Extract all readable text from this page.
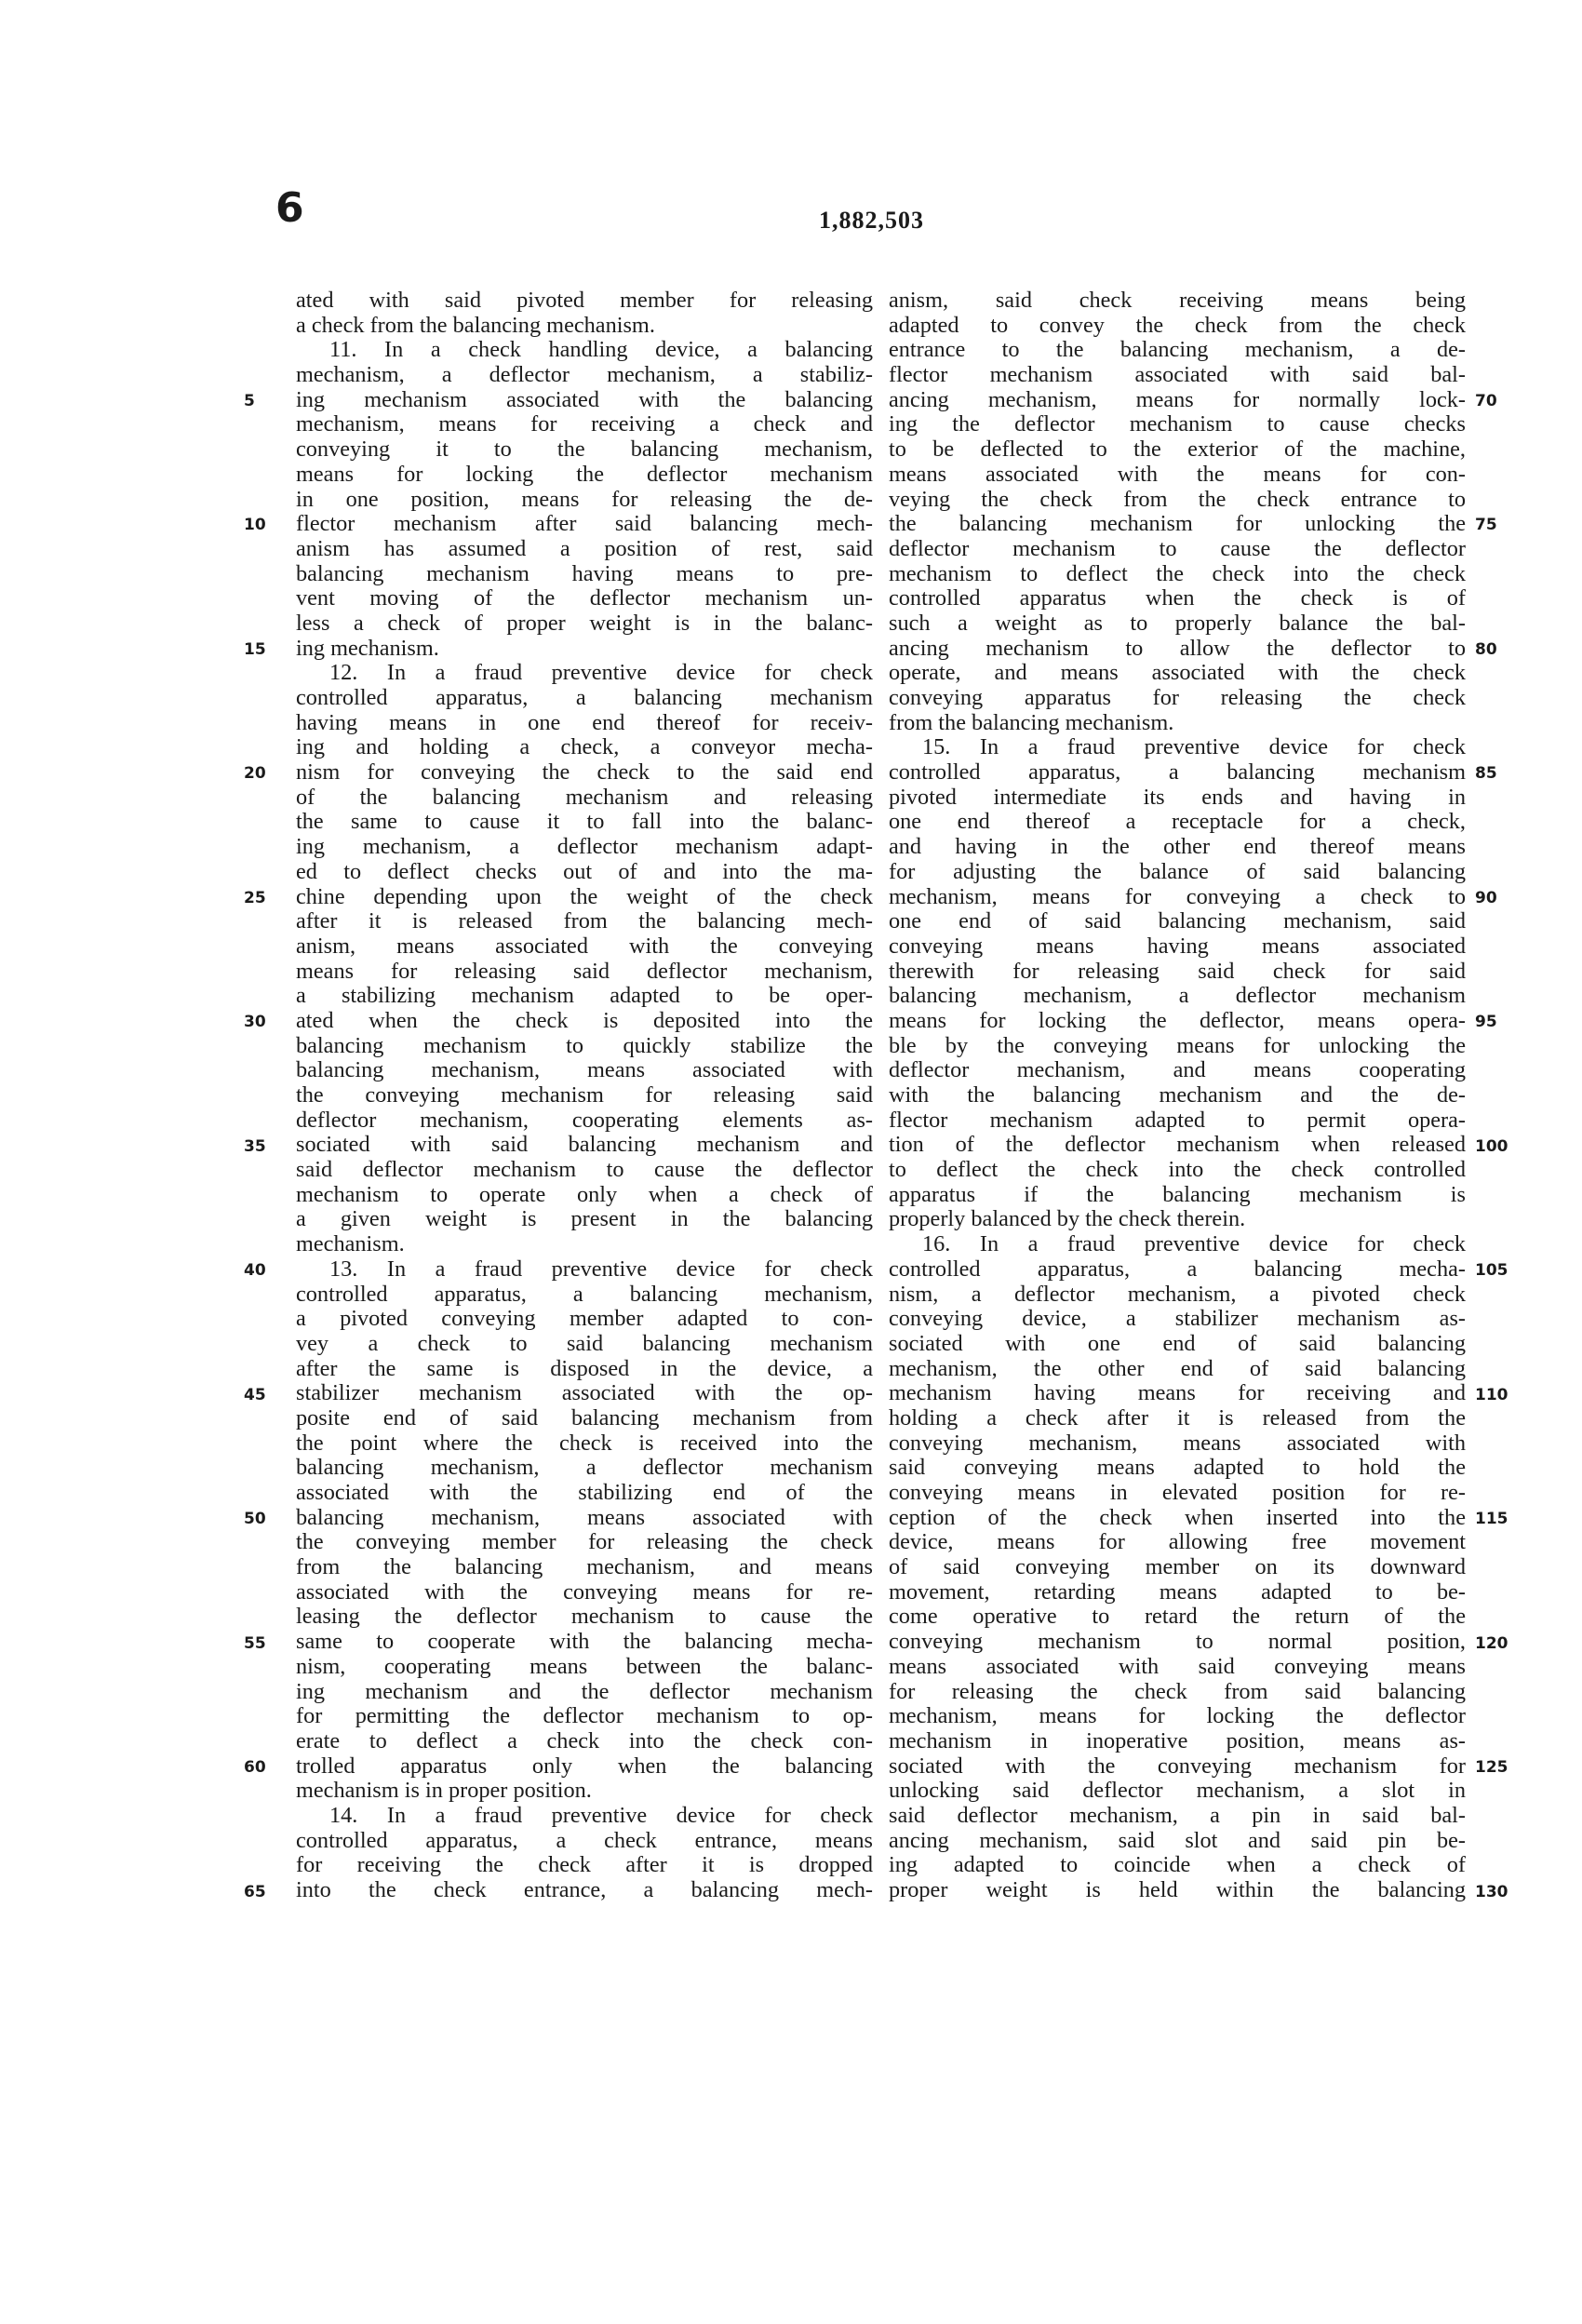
6	1,882,503
5
10
15
20
25
30
35
40
45
50
55
60
65
ated with said pivoted member for releasing
a check from the balancing mechanism.
11. In a check handling device, a balancing
mechanism, a deflector mechanism, a stabiliz-
ing mechanism associated with the balancing
mechanism, means for receiving a check and
conveying it to the balancing mechanism,
means for locking the deflector mechanism
in one position, means for releasing the de-
flector mechanism after said balancing mech-
anism has assumed a position of rest, said
balancing mechanism having means to pre-
vent moving of the deflector mechanism un-
less a check of proper weight is in the balanc-
ing mechanism.
12. In a fraud preventive device for check
controlled apparatus, a balancing mechanism
having means in one end thereof for receiv-
ing and holding a check, a conveyor mecha-
nism for conveying the check to the said end
of the balancing mechanism and releasing
the same to cause it to fall into the balanc-
ing mechanism, a deflector mechanism adapt-
ed to deflect checks out of and into the ma-
chine depending upon the weight of the check
after it is released from the balancing mech-
anism, means associated with the conveying
means for releasing said deflector mechanism,
a stabilizing mechanism adapted to be oper-
ated when the check is deposited into the
balancing mechanism to quickly stabilize the
balancing mechanism, means associated with
the conveying mechanism for releasing said
deflector mechanism, cooperating elements as-
sociated with said balancing mechanism and
said deflector mechanism to cause the deflector
mechanism to operate only when a check of
a given weight is present in the balancing
mechanism.
13. In a fraud preventive device for check
controlled apparatus, a balancing mechanism,
a pivoted conveying member adapted to con-
vey a check to said balancing mechanism
after the same is disposed in the device, a
stabilizer mechanism associated with the op-
posite end of said balancing mechanism from
the point where the check is received into the
balancing mechanism, a deflector mechanism
associated with the stabilizing end of the
balancing mechanism, means associated with
the conveying member for releasing the check
from the balancing mechanism, and means
associated with the conveying means for re-
leasing the deflector mechanism to cause the
same to cooperate with the balancing mecha-
nism, cooperating means between the balanc-
ing mechanism and the deflector mechanism
for permitting the deflector mechanism to op-
erate to deflect a check into the check con-
trolled apparatus only when the balancing
mechanism is in proper position.
14. In a fraud preventive device for check
controlled apparatus, a check entrance, means
for receiving the check after it is dropped
into the check entrance, a balancing mech-
anism, said check receiving means being
adapted to convey the check from the check
entrance to the balancing mechanism, a de-
flector mechanism associated with said bal-
ancing mechanism, means for normally lock-
ing the deflector mechanism to cause checks
to be deflected to the exterior of the machine,
means associated with the means for con-
veying the check from the check entrance to
the balancing mechanism for unlocking the
deflector mechanism to cause the deflector
mechanism to deflect the check into the check
controlled apparatus when the check is of
such a weight as to properly balance the bal-
ancing mechanism to allow the deflector to
operate, and means associated with the check
conveying apparatus for releasing the check
from the balancing mechanism.
15. In a fraud preventive device for check
controlled apparatus, a balancing mechanism
pivoted intermediate its ends and having in
one end thereof a receptacle for a check,
and having in the other end thereof means
for adjusting the balance of said balancing
mechanism, means for conveying a check to
one end of said balancing mechanism, said
conveying means having means associated
therewith for releasing said check for said
balancing mechanism, a deflector mechanism
means for locking the deflector, means opera-
ble by the conveying means for unlocking the
deflector mechanism, and means cooperating
with the balancing mechanism and the de-
flector mechanism adapted to permit opera-
tion of the deflector mechanism when released
to deflect the check into the check controlled
apparatus if the balancing mechanism is
properly balanced by the check therein.
16. In a fraud preventive device for check
controlled apparatus, a balancing mecha-
nism, a deflector mechanism, a pivoted check
conveying device, a stabilizer mechanism as-
sociated with one end of said balancing
mechanism, the other end of said balancing
mechanism having means for receiving and
holding a check after it is released from the
conveying mechanism, means associated with
said conveying means adapted to hold the
conveying means in elevated position for re-
ception of the check when inserted into the
device, means for allowing free movement
of said conveying member on its downward
movement, retarding means adapted to be-
come operative to retard the return of the
conveying mechanism to normal position,
means associated with said conveying means
for releasing the check from said balancing
mechanism, means for locking the deflector
mechanism in inoperative position, means as-
sociated with the conveying mechanism for
unlocking said deflector mechanism, a slot in
said deflector mechanism, a pin in said bal-
ancing mechanism, said slot and said pin be-
ing adapted to coincide when a check of
proper weight is held within the balancing
70
75
80
85
90
95
100
105
110
115
120
125
130
